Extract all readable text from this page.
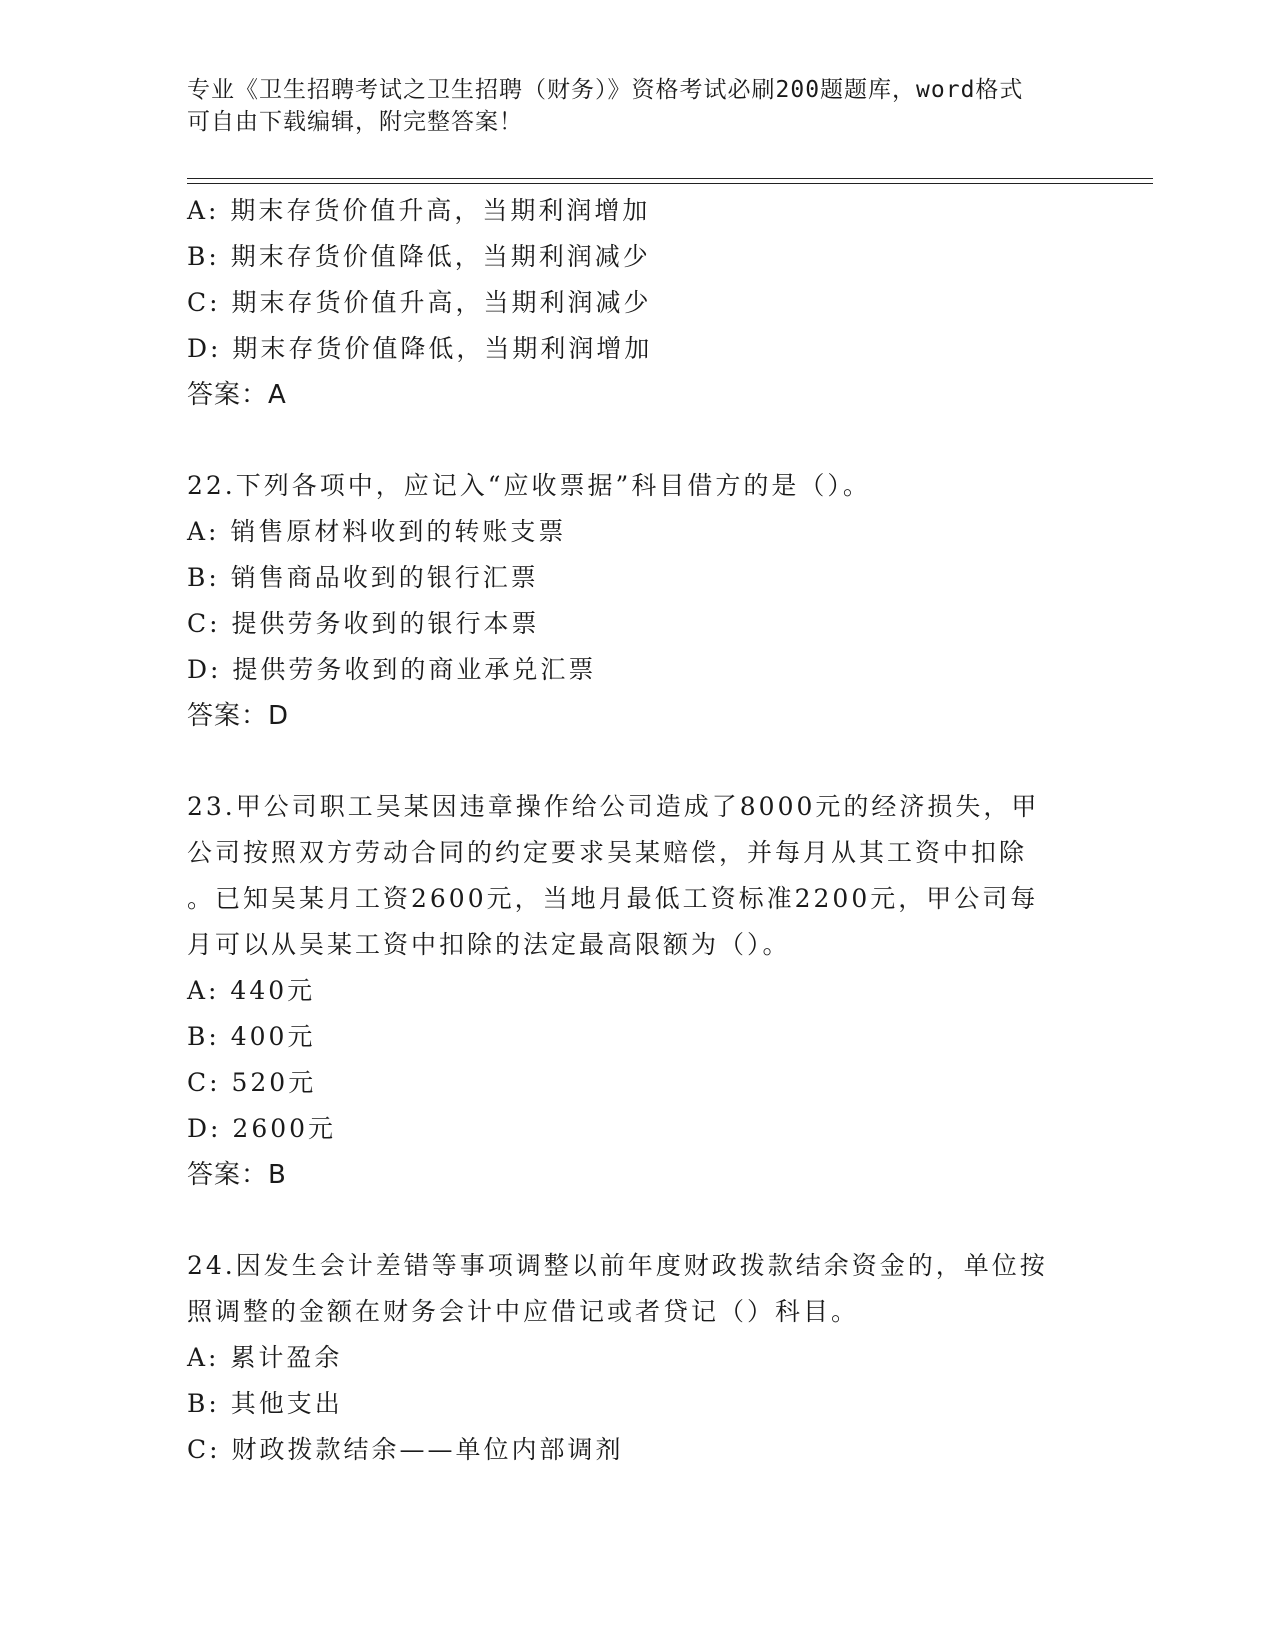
专业《卫生招聘考试之卫生招聘（财务）》资格考试必刷200题题库，word格式
可自由下载编辑，附完整答案！
A: 期末存货价值升高，当期利润增加
B: 期末存货价值降低，当期利润减少
C: 期末存货价值升高，当期利润减少
D: 期末存货价值降低，当期利润增加
答案：A
22.下列各项中，应记入“应收票据”科目借方的是（）。
A: 销售原材料收到的转账支票
B: 销售商品收到的银行汇票
C: 提供劳务收到的银行本票
D: 提供劳务收到的商业承兑汇票
答案：D
23.甲公司职工吴某因违章操作给公司造成了8000元的经济损失，甲
公司按照双方劳动合同的约定要求吴某赔偿，并每月从其工资中扣除
。已知吴某月工资2600元，当地月最低工资标准2200元，甲公司每
月可以从吴某工资中扣除的法定最高限额为（）。
A: 440元
B: 400元
C: 520元
D: 2600元
答案：B
24.因发生会计差错等事项调整以前年度财政拨款结余资金的，单位按
照调整的金额在财务会计中应借记或者贷记（）科目。
A: 累计盈余
B: 其他支出
C: 财政拨款结余——单位内部调剂
